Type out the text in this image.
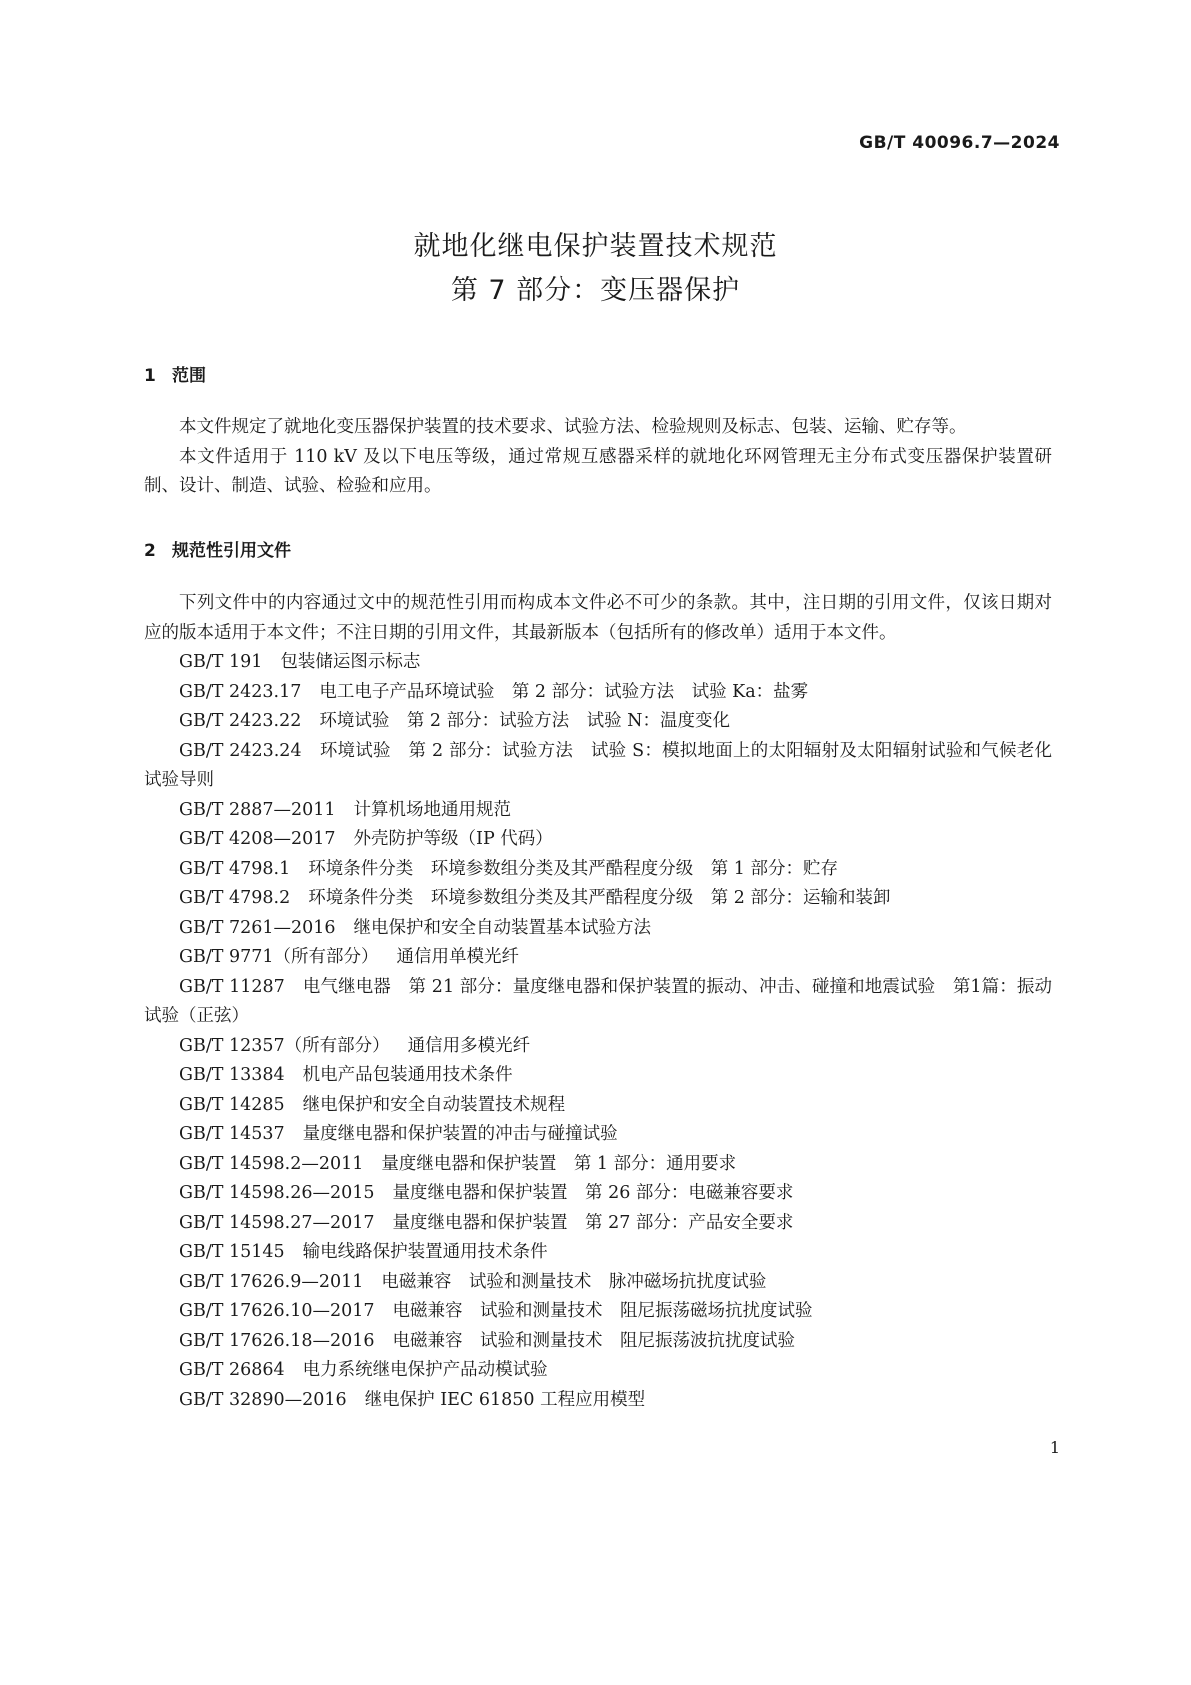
GB/T 40096.7—2024
就地化继电保护装置技术规范
第 7 部分：变压器保护
1 范围

本文件规定了就地化变压器保护装置的技术要求、试验方法、检验规则及标志、包装、运输、贮存等。

本文件适用于 110 kV 及以下电压等级，通过常规互感器采样的就地化环网管理无主分布式变压器保护装置研制、设计、制造、试验、检验和应用。

2 规范性引用文件

下列文件中的内容通过文中的规范性引用而构成本文件必不可少的条款。其中，注日期的引用文件，仅该日期对应的版本适用于本文件；不注日期的引用文件，其最新版本（包括所有的修改单）适用于本文件。

GB/T 191 包装储运图示标志

GB/T 2423.17 电工电子产品环境试验　第 2 部分：试验方法　试验 Ka：盐雾

GB/T 2423.22 环境试验　第 2 部分：试验方法　试验 N：温度变化

GB/T 2423.24 环境试验　第 2 部分：试验方法　试验 S：模拟地面上的太阳辐射及太阳辐射试验和气候老化试验导则

GB/T 2887—2011 计算机场地通用规范

GB/T 4208—2017 外壳防护等级（IP 代码）

GB/T 4798.1 环境条件分类　环境参数组分类及其严酷程度分级　第 1 部分：贮存

GB/T 4798.2 环境条件分类　环境参数组分类及其严酷程度分级　第 2 部分：运输和装卸

GB/T 7261—2016 继电保护和安全自动装置基本试验方法

GB/T 9771（所有部分） 通信用单模光纤

GB/T 11287 电气继电器　第 21 部分：量度继电器和保护装置的振动、冲击、碰撞和地震试验　第1篇：振动试验（正弦）

GB/T 12357（所有部分） 通信用多模光纤

GB/T 13384 机电产品包装通用技术条件

GB/T 14285 继电保护和安全自动装置技术规程

GB/T 14537 量度继电器和保护装置的冲击与碰撞试验

GB/T 14598.2—2011 量度继电器和保护装置　第 1 部分：通用要求

GB/T 14598.26—2015 量度继电器和保护装置　第 26 部分：电磁兼容要求

GB/T 14598.27—2017 量度继电器和保护装置　第 27 部分：产品安全要求

GB/T 15145 输电线路保护装置通用技术条件

GB/T 17626.9—2011 电磁兼容　试验和测量技术　脉冲磁场抗扰度试验

GB/T 17626.10—2017 电磁兼容　试验和测量技术　阻尼振荡磁场抗扰度试验

GB/T 17626.18—2016 电磁兼容　试验和测量技术　阻尼振荡波抗扰度试验

GB/T 26864 电力系统继电保护产品动模试验

GB/T 32890—2016 继电保护 IEC 61850 工程应用模型

1
